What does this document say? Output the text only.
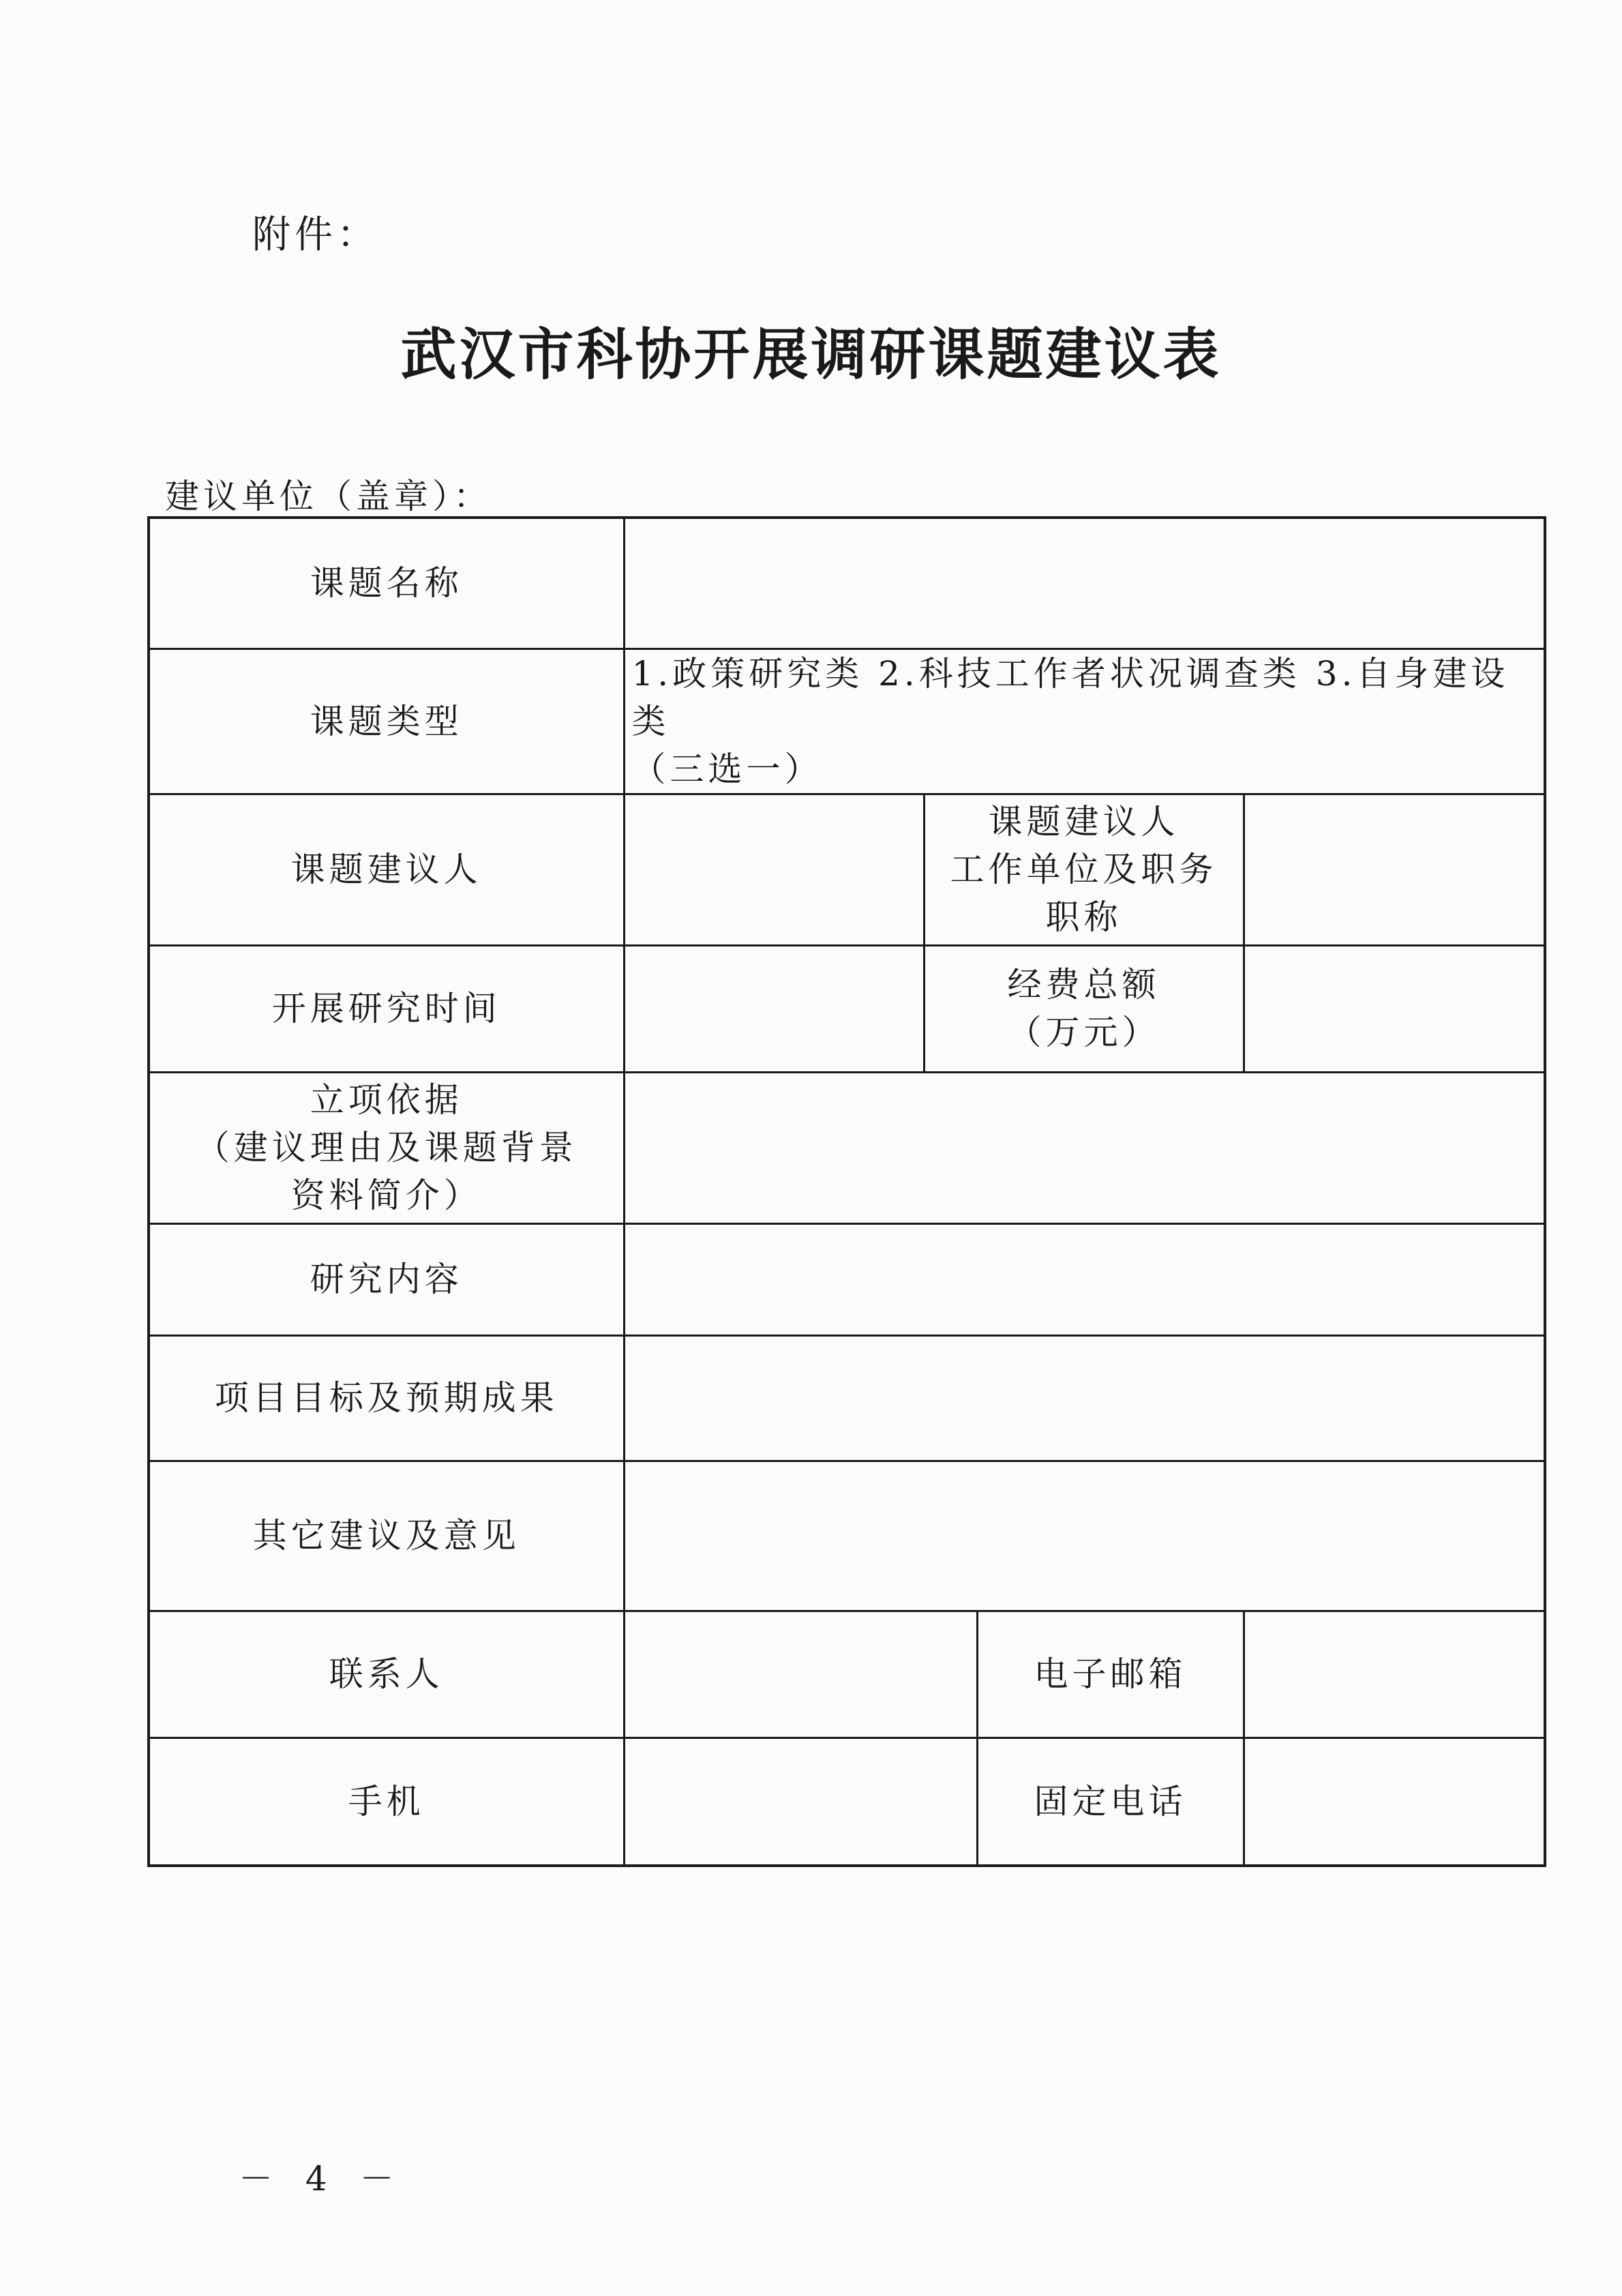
附件：
武汉市科协开展调研课题建议表
建议单位（盖章）：
课题名称				

课题类型	1.政策研究类 2.科技工作者状况调查类 3.自身建设类
（三选一）			

课题建议人		课题建议人
工作单位及职务
职称		

开展研究时间		经费总额
（万元）		

立项依据
（建议理由及课题背景
资料简介）				

研究内容				

项目目标及预期成果				

其它建议及意见				

联系人			电子邮箱	

手机			固定电话	

－ 4 －
